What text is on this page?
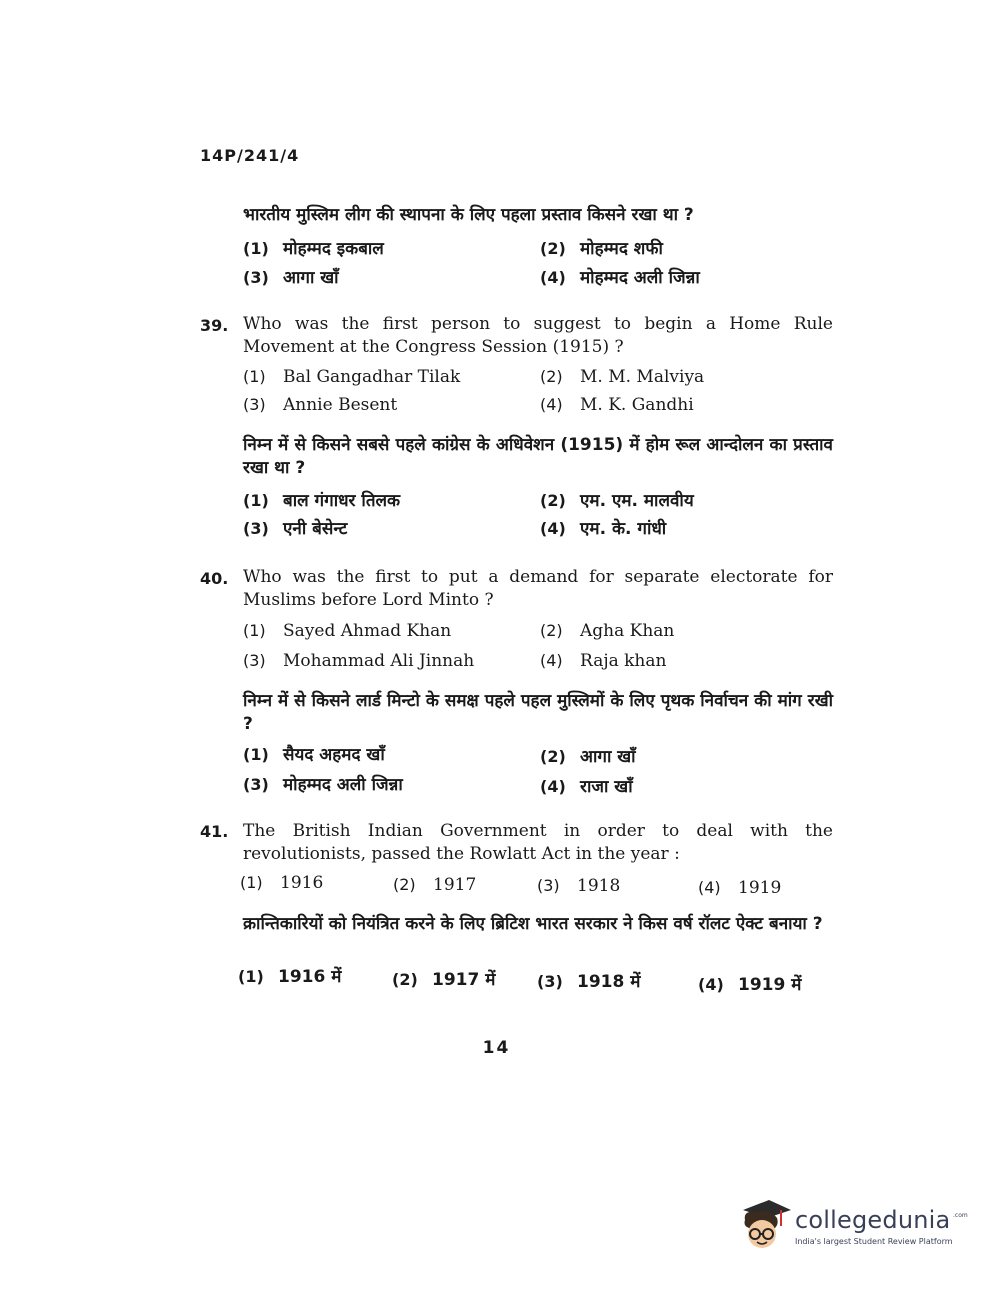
14P/241/4
भारतीय मुस्लिम लीग की स्थापना के लिए पहला प्रस्ताव किसने रखा था ?
(1) मोहम्मद इकबाल	(2) मोहम्मद शफी
(3) आगा खाँ	(4) मोहम्मद अली जिन्ना
39. Who was the first person to suggest to begin a Home Rule Movement at the Congress Session (1915) ?
(1) Bal Gangadhar Tilak	(2) M. M. Malviya
(3) Annie Besent	(4) M. K. Gandhi
निम्न में से किसने सबसे पहले कांग्रेस के अधिवेशन (1915) में होम रूल आन्दोलन का प्रस्ताव रखा था ?
(1) बाल गंगाधर तिलक	(2) एम. एम. मालवीय
(3) एनी बेसेन्ट	(4) एम. के. गांधी
40. Who was the first to put a demand for separate electorate for Muslims before Lord Minto ?
(1) Sayed Ahmad Khan	(2) Agha Khan
(3) Mohammad Ali Jinnah	(4) Raja khan
निम्न में से किसने लार्ड मिन्टो के समक्ष पहले पहल मुस्लिमों के लिए पृथक निर्वाचन की मांग रखी ?
(1) सैयद अहमद खाँ	(2) आगा खाँ
(3) मोहम्मद अली जिन्ना	(4) राजा खाँ
41. The British Indian Government in order to deal with the revolutionists, passed the Rowlatt Act in the year :
(1) 1916	(2) 1917	(3) 1918	(4) 1919
क्रान्तिकारियों को नियंत्रित करने के लिए ब्रिटिश भारत सरकार ने किस वर्ष रॉलट ऐक्ट बनाया ?
(1) 1916 में	(2) 1917 में	(3) 1918 में	(4) 1919 में
14
collegedunia .com
India's largest Student Review Platform
